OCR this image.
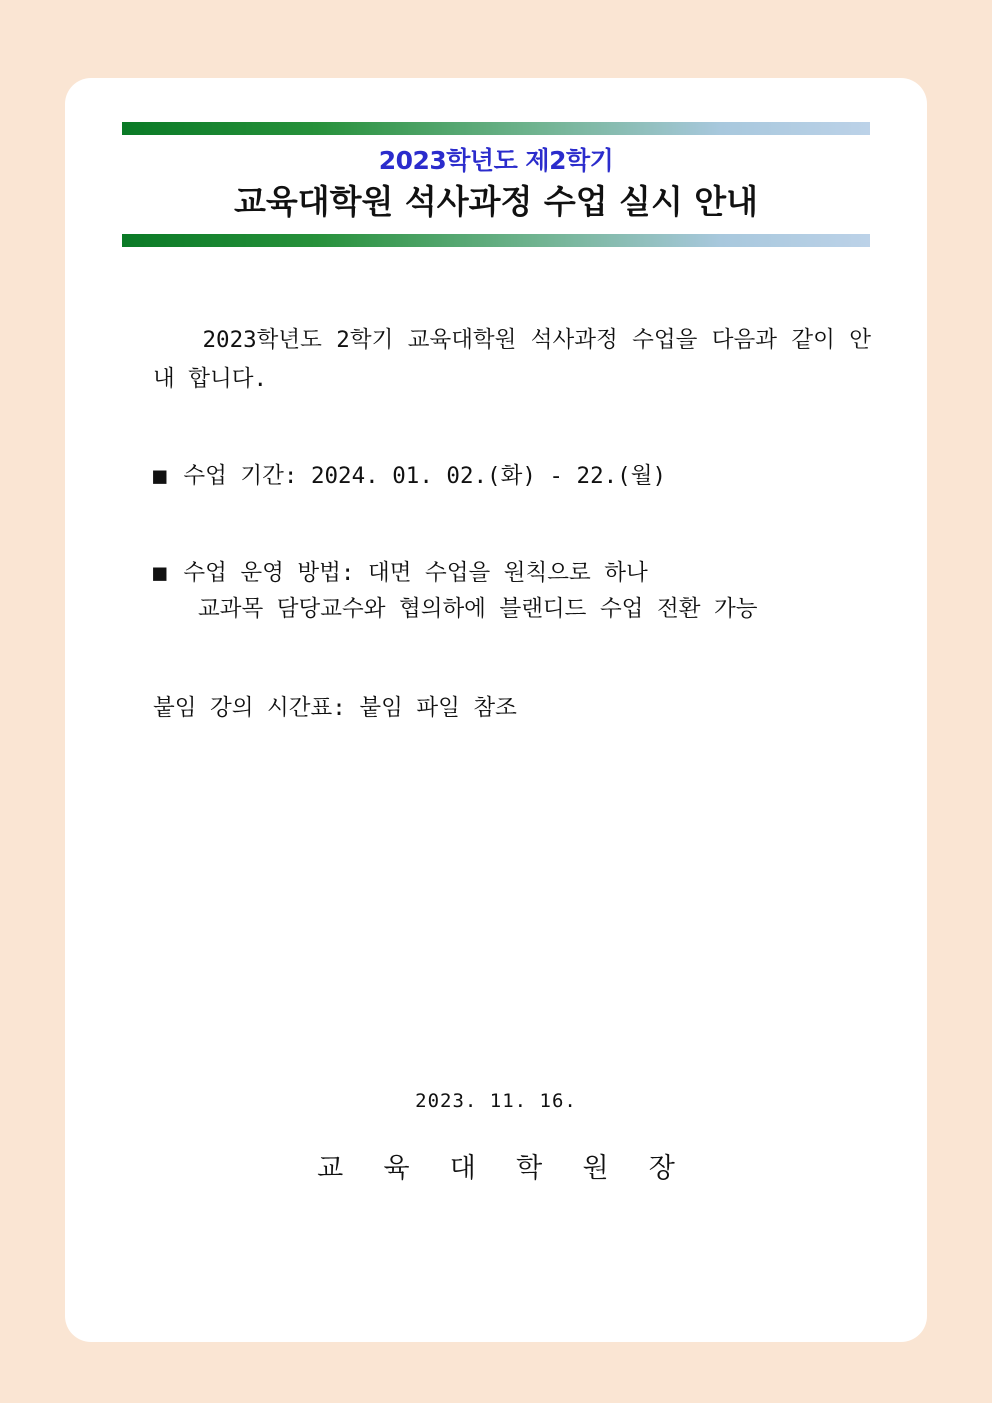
2023학년도 제2학기
교육대학원 석사과정 수업 실시 안내
2023학년도 2학기 교육대학원 석사과정 수업을 다음과 같이 안내 합니다.
■ 수업 기간: 2024. 01. 02.(화) - 22.(월)
■ 수업 운영 방법: 대면 수업을 원칙으로 하나
교과목 담당교수와 협의하에 블랜디드 수업 전환 가능
붙임 강의 시간표: 붙임 파일 참조
2023. 11. 16.
교 육 대 학 원 장
